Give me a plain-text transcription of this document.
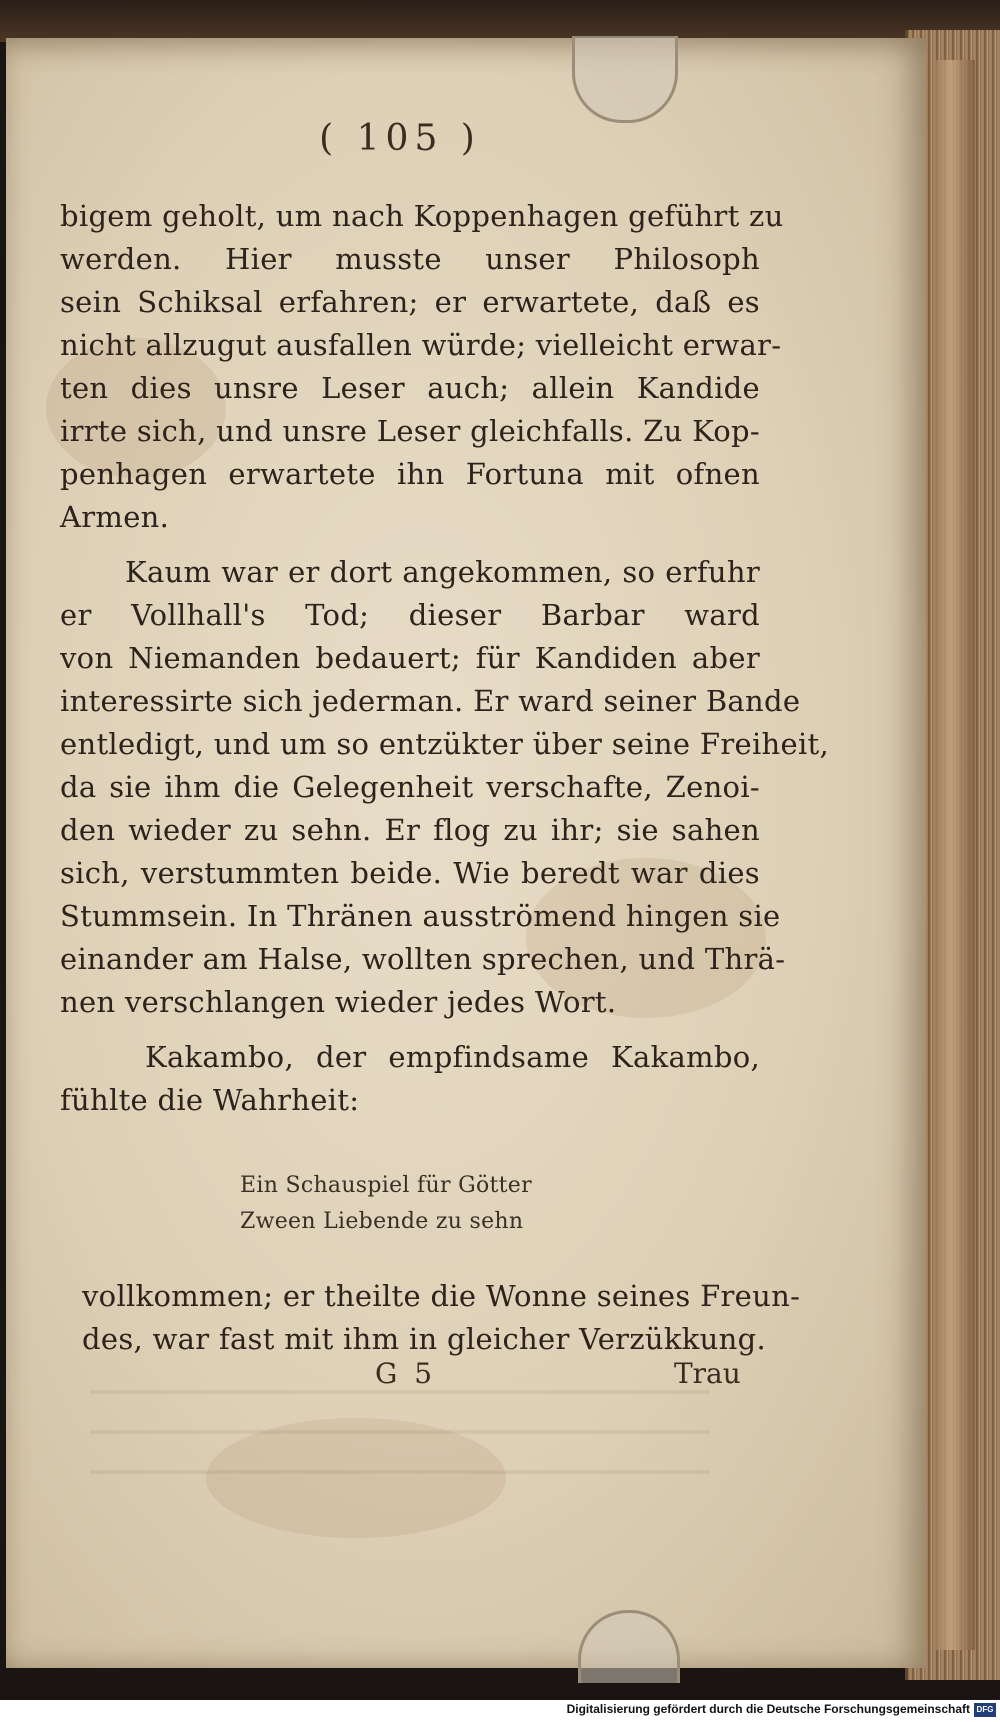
( 105 )
bigem geholt, um nach Koppenhagen geführt zu
werden. Hier musste unser Philosoph
sein Schiksal erfahren; er erwartete, daß es
nicht allzugut ausfallen würde; vielleicht erwar-
ten dies unsre Leser auch; allein Kandide
irrte sich, und unsre Leser gleichfalls. Zu Kop-
penhagen erwartete ihn Fortuna mit ofnen
Armen.
Kaum war er dort angekommen, so erfuhr
er Vollhall's Tod; dieser Barbar ward
von Niemanden bedauert; für Kandiden aber
interessirte sich jederman. Er ward seiner Bande
entledigt, und um so entzükter über seine Freiheit,
da sie ihm die Gelegenheit verschafte, Zenoi-
den wieder zu sehn. Er flog zu ihr; sie sahen
sich, verstummten beide. Wie beredt war dies
Stummsein. In Thränen ausströmend hingen sie
einander am Halse, wollten sprechen, und Thrä-
nen verschlangen wieder jedes Wort.
Kakambo, der empfindsame Kakambo,
fühlte die Wahrheit:
Ein Schauspiel für Götter
Zween Liebende zu sehn
vollkommen; er theilte die Wonne seines Freun-
des, war fast mit ihm in gleicher Verzükkung.
G 5	Trau
Digitalisierung gefördert durch die Deutsche Forschungsgemeinschaft DFG
